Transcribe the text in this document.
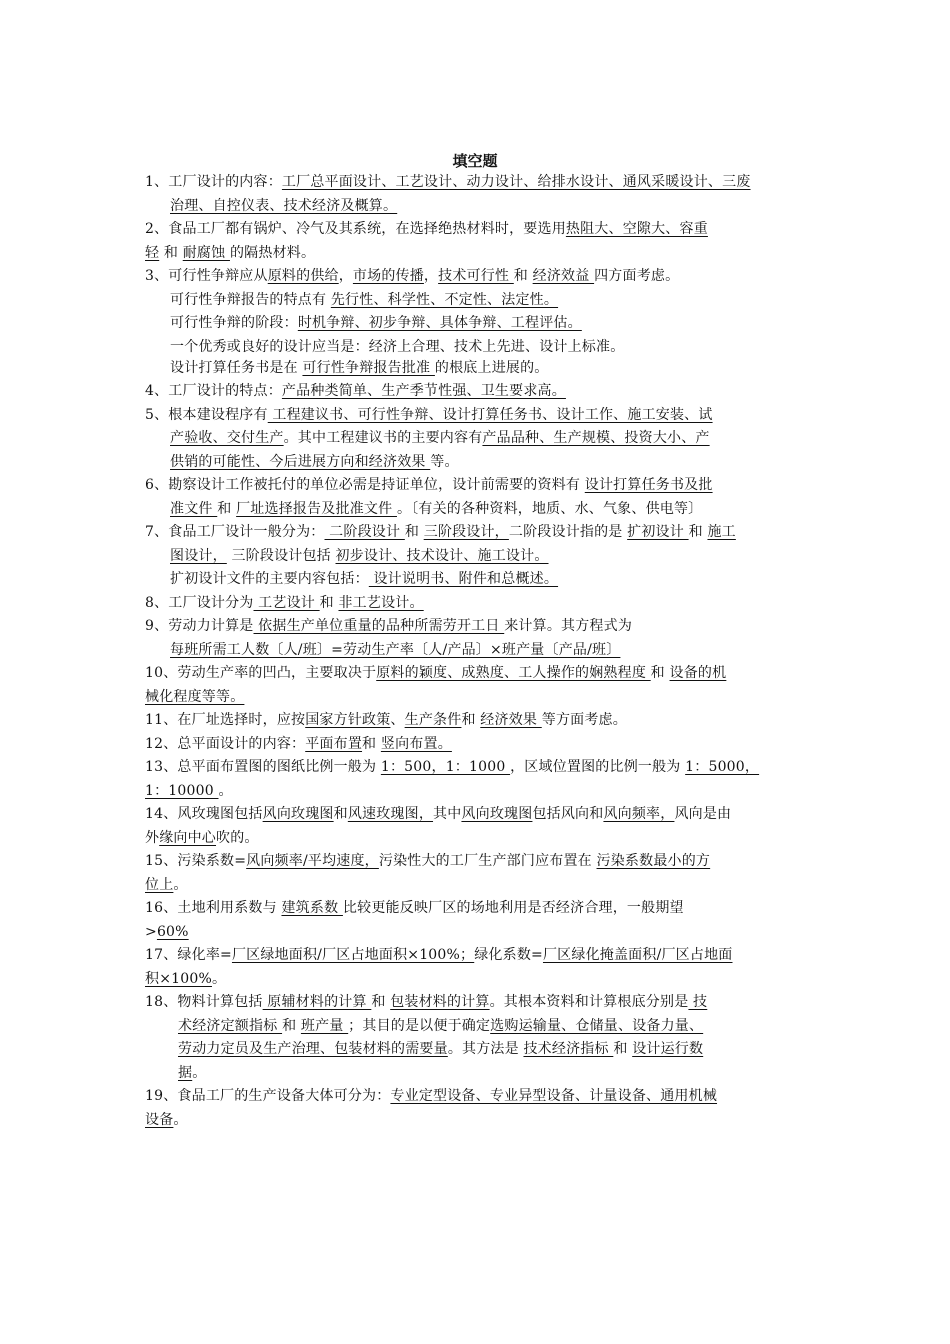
填空题
1、工厂设计的内容：工厂总平面设计、工艺设计、动力设计、给排水设计、通风采暖设计、三废
治理、自控仪表、技术经济及概算。
2、食品工厂都有锅炉、冷气及其系统，在选择绝热材料时，要选用热阻大、空隙大、容重
轻 和 耐腐蚀 的隔热材料。
3、可行性争辩应从原料的供给，市场的传播，技术可行性 和 经济效益 四方面考虑。
可行性争辩报告的特点有 先行性、科学性、不定性、法定性。
可行性争辩的阶段：时机争辩、初步争辩、具体争辩、工程评估。
一个优秀或良好的设计应当是：经济上合理、技术上先进、设计上标准。
设计打算任务书是在 可行性争辩报告批准 的根底上进展的。
4、工厂设计的特点：产品种类简单、生产季节性强、卫生要求高。
5、根本建设程序有 工程建议书、可行性争辩、设计打算任务书、设计工作、施工安装、试
产验收、交付生产。其中工程建议书的主要内容有产品品种、生产规模、投资大小、产
供销的可能性、今后进展方向和经济效果 等。
6、勘察设计工作被托付的单位必需是持证单位，设计前需要的资料有 设计打算任务书及批
准文件 和 厂址选择报告及批准文件 。〔有关的各种资料，地质、水、气象、供电等〕
7、食品工厂设计一般分为： 二阶段设计 和 三阶段设计，二阶段设计指的是 扩初设计 和 施工
图设计， 三阶段设计包括 初步设计、技术设计、施工设计。
扩初设计文件的主要内容包括： 设计说明书、附件和总概述。
8、工厂设计分为 工艺设计 和 非工艺设计。
9、劳动力计算是 依据生产单位重量的品种所需劳开工日 来计算。其方程式为
每班所需工人数〔人/班〕=劳动生产率〔人/产品〕×班产量〔产品/班〕
10、劳动生产率的凹凸，主要取决于原料的颖度、成熟度、工人操作的娴熟程度 和 设备的机
械化程度等等。
11、在厂址选择时，应按国家方针政策、生产条件和 经济效果 等方面考虑。
12、总平面设计的内容：平面布置和 竖向布置。
13、总平面布置图的图纸比例一般为 1：500，1：1000 ，区域位置图的比例一般为 1：5000，
1：10000 。
14、风玫瑰图包括风向玫瑰图和风速玫瑰图，其中风向玫瑰图包括风向和风向频率，风向是由
外缘向中心吹的。
15、污染系数=风向频率/平均速度，污染性大的工厂生产部门应布置在 污染系数最小的方
位上。
16、土地利用系数与 建筑系数 比较更能反映厂区的场地利用是否经济合理，一般期望
>60%
17、绿化率=厂区绿地面积/厂区占地面积×100%；绿化系数=厂区绿化掩盖面积/厂区占地面
积×100%。
18、物料计算包括 原辅材料的计算 和 包装材料的计算。其根本资料和计算根底分别是 技
术经济定额指标 和 班产量 ；其目的是以便于确定选购运输量、仓储量、设备力量、
劳动力定员及生产治理、包装材料的需要量。其方法是 技术经济指标 和 设计运行数
据。
19、食品工厂的生产设备大体可分为：专业定型设备、专业异型设备、计量设备、通用机械
设备。
